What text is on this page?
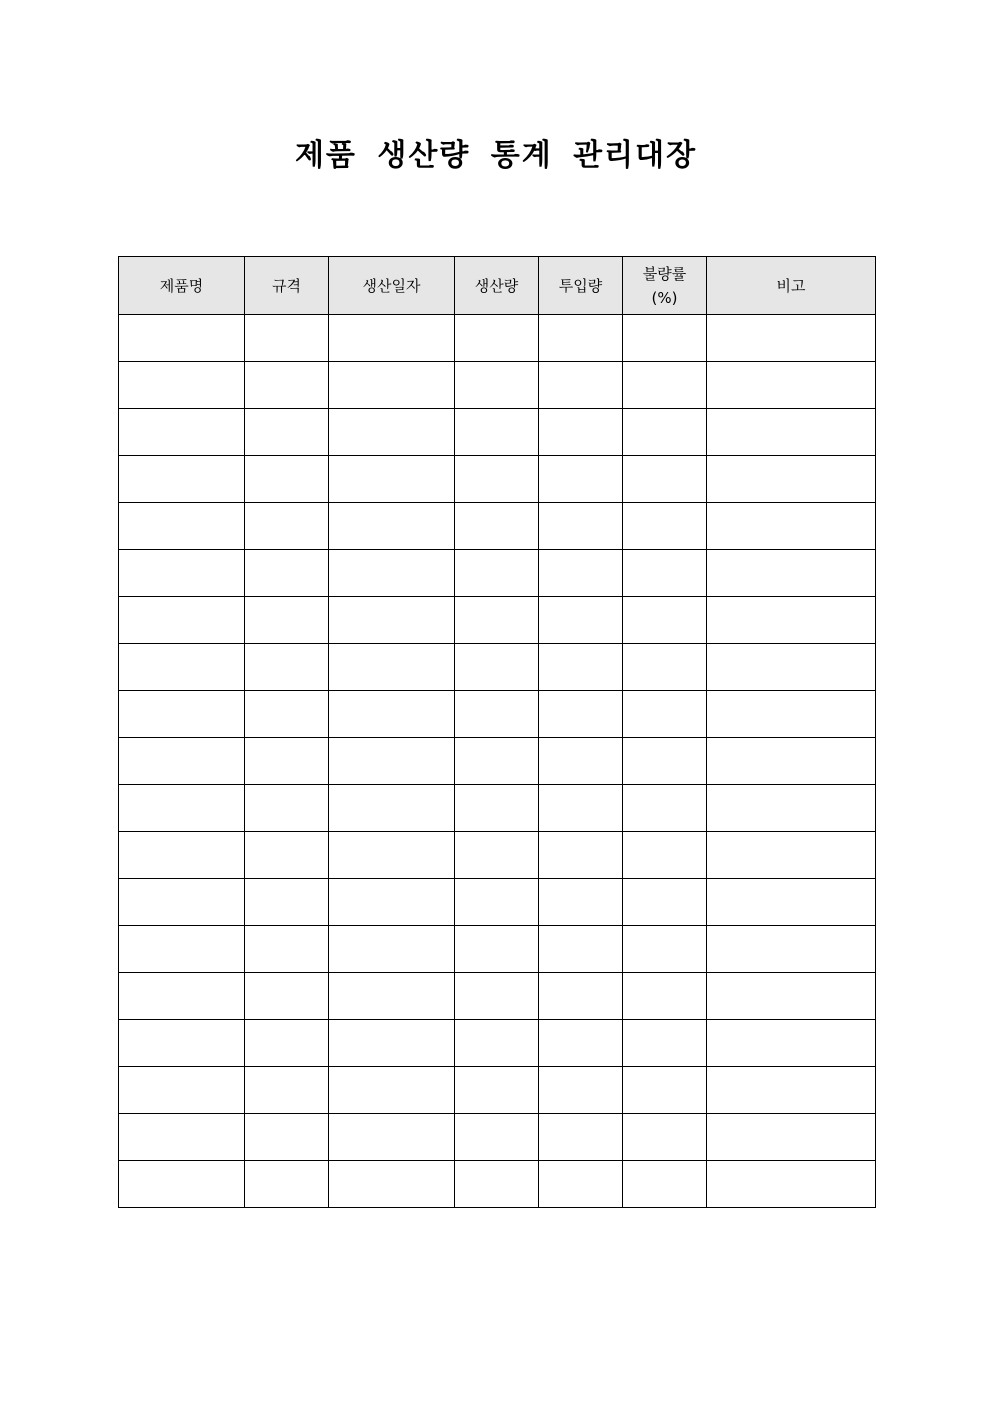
제품 생산량 통계 관리대장
제품명	규격	생산일자	생산량	투입량	불량률(%)	비고
